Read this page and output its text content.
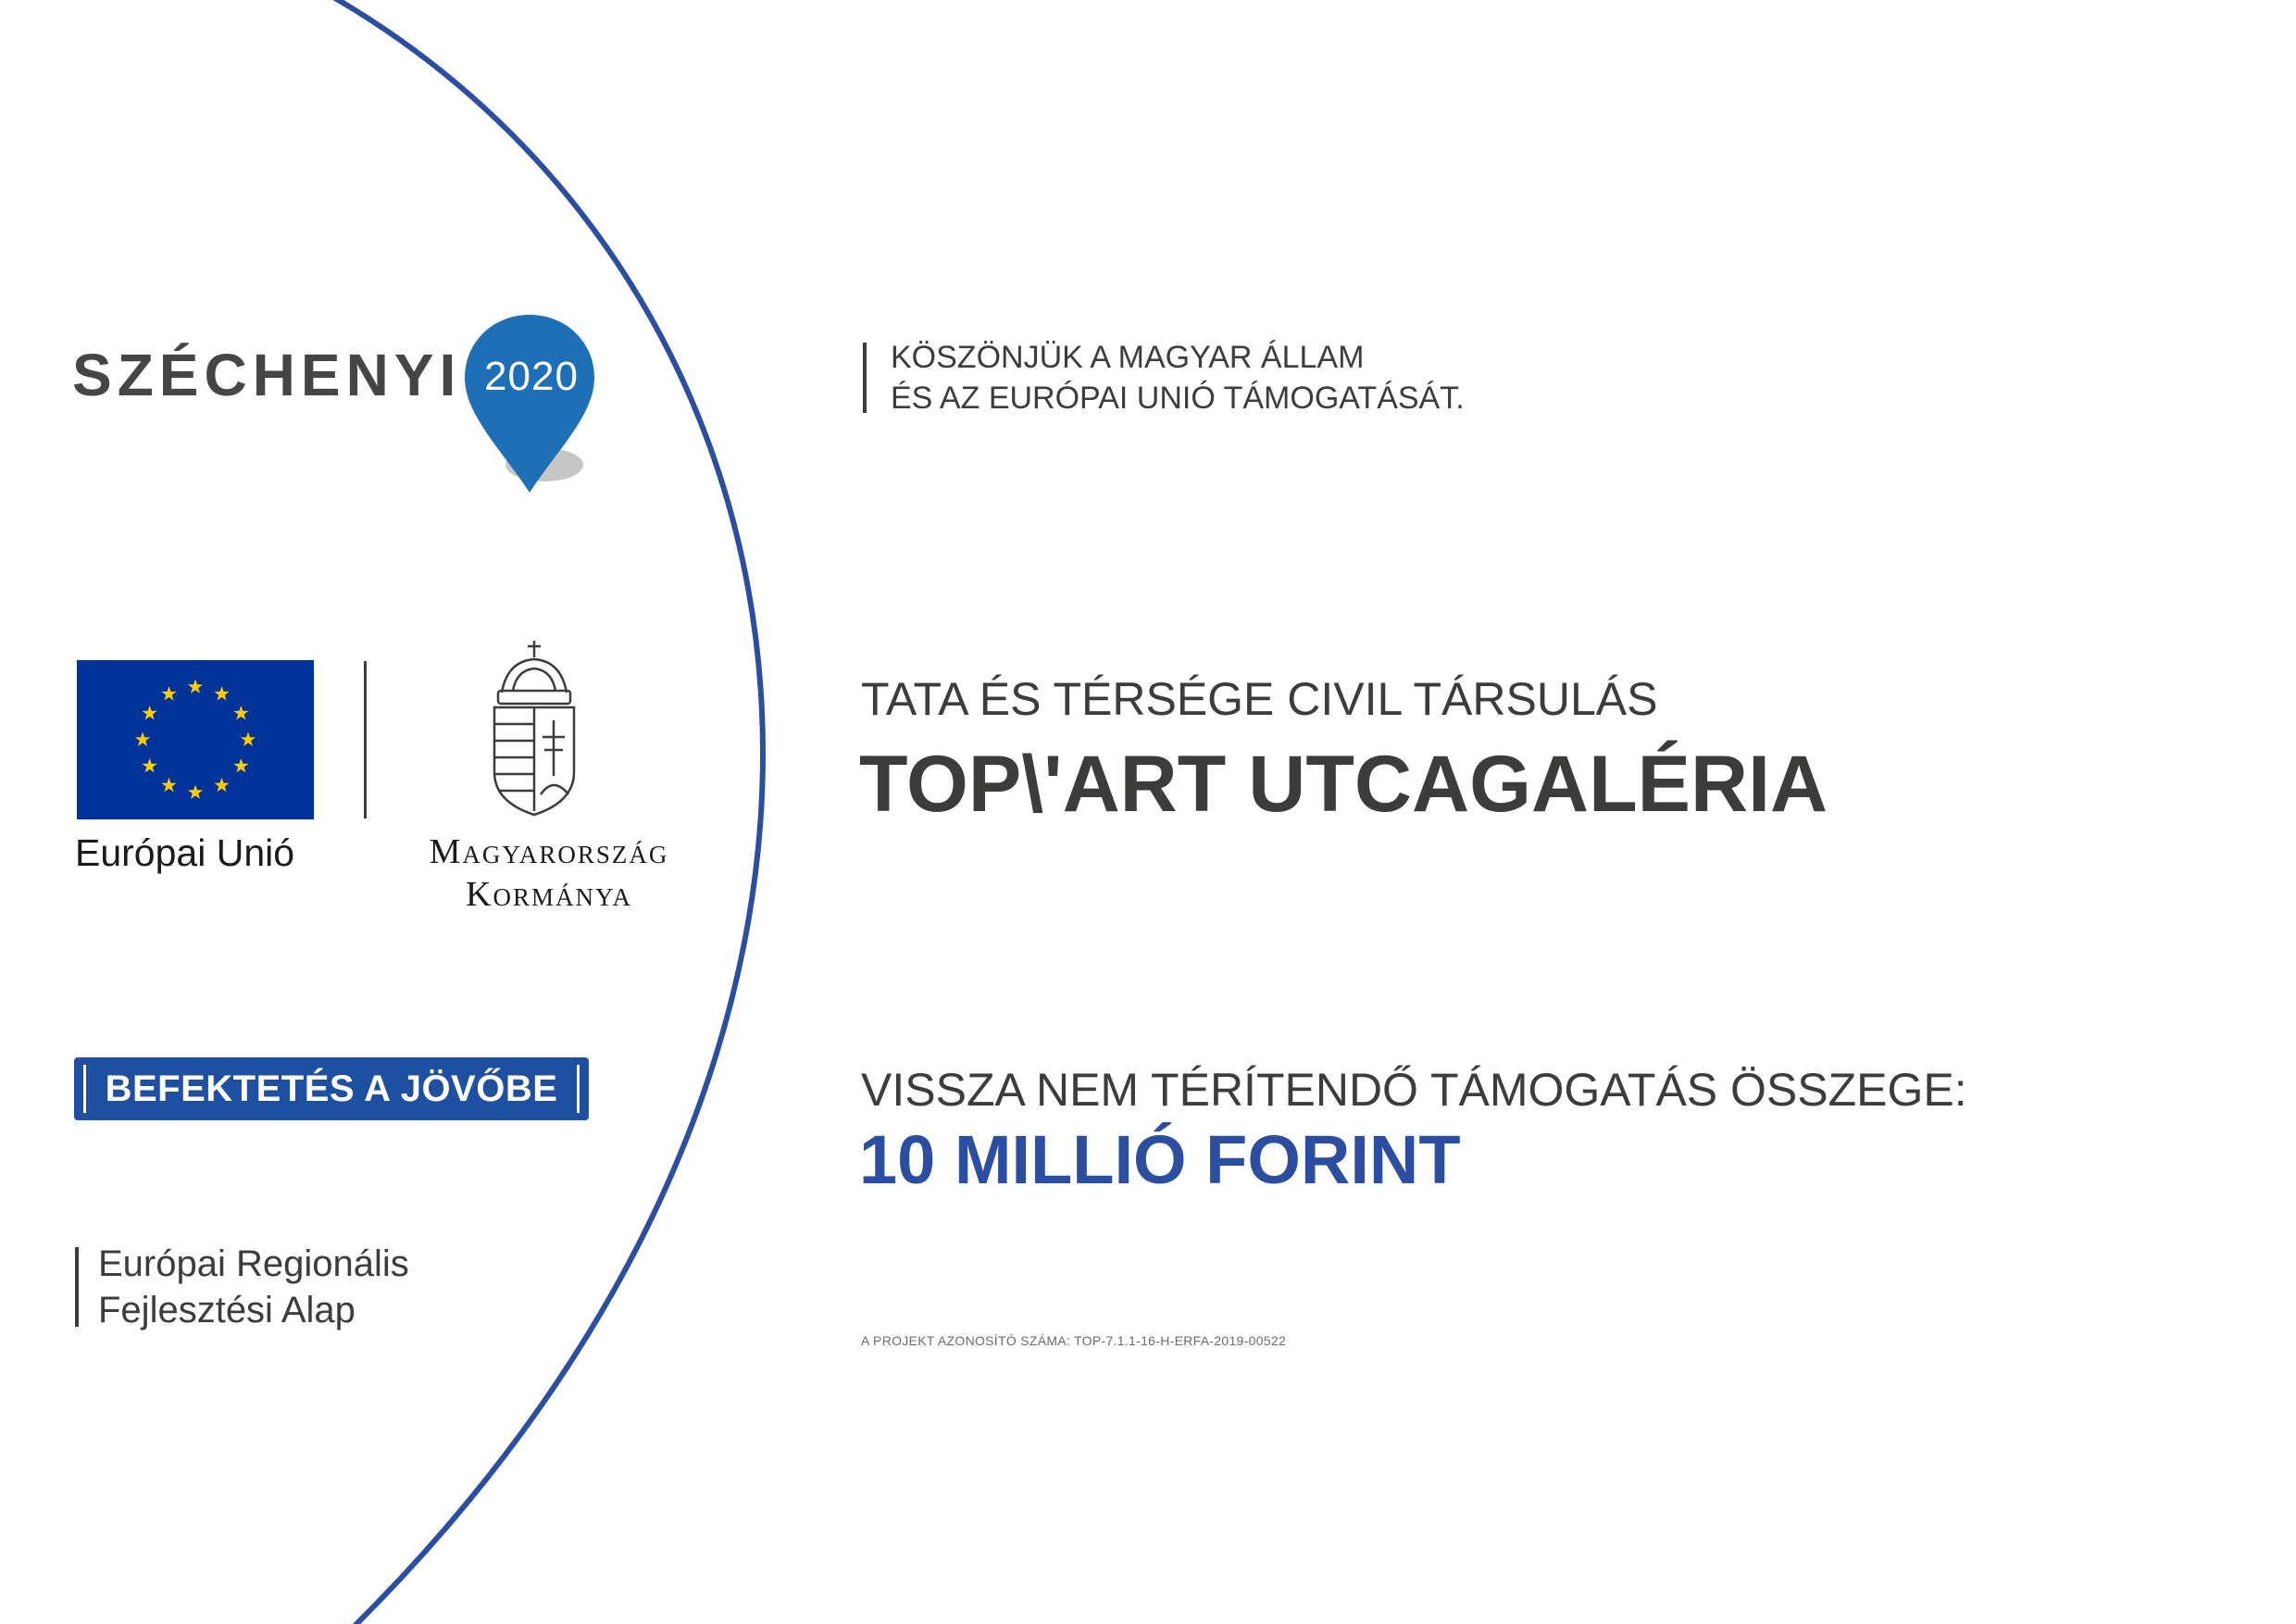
SZÉCHENYI 2020	KÖSZÖNJÜK A MAGYAR ÁLLAM
ÉS AZ EURÓPAI UNIÓ TÁMOGATÁSÁT.
Európai Unió	Magyarország
Kormánya
BEFEKTETÉS A JÖVŐBE
Európai Regionális
Fejlesztési Alap
TATA ÉS TÉRSÉGE CIVIL TÁRSULÁS
TOP\'ART UTCAGALÉRIA
VISSZA NEM TÉRÍTENDŐ TÁMOGATÁS ÖSSZEGE:
10 MILLIÓ FORINT
A PROJEKT AZONOSÍTÓ SZÁMA: TOP-7.1.1-16-H-ERFA-2019-00522
